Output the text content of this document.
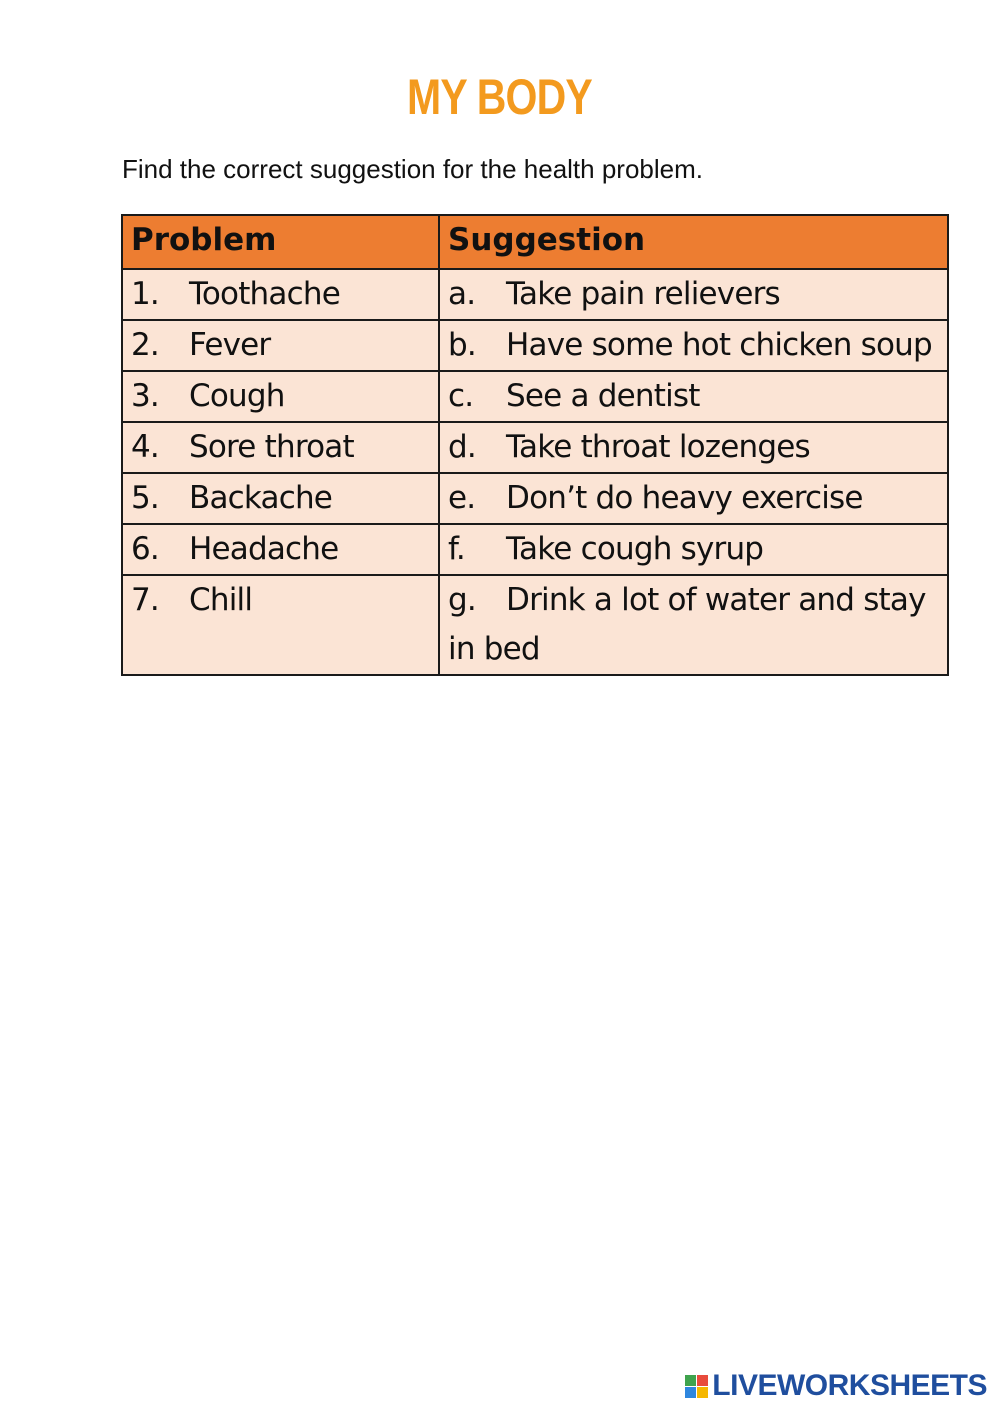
MY BODY
Find the correct suggestion for the health problem.
Problem	Suggestion
1. Toothache	a. Take pain relievers
2. Fever	b. Have some hot chicken soup
3. Cough	c. See a dentist
4. Sore throat	d. Take throat lozenges
5. Backache	e. Don’t do heavy exercise
6. Headache	f. Take cough syrup
7. Chill	g. Drink a lot of water and stay in bed
LIVEWORKSHEETS
